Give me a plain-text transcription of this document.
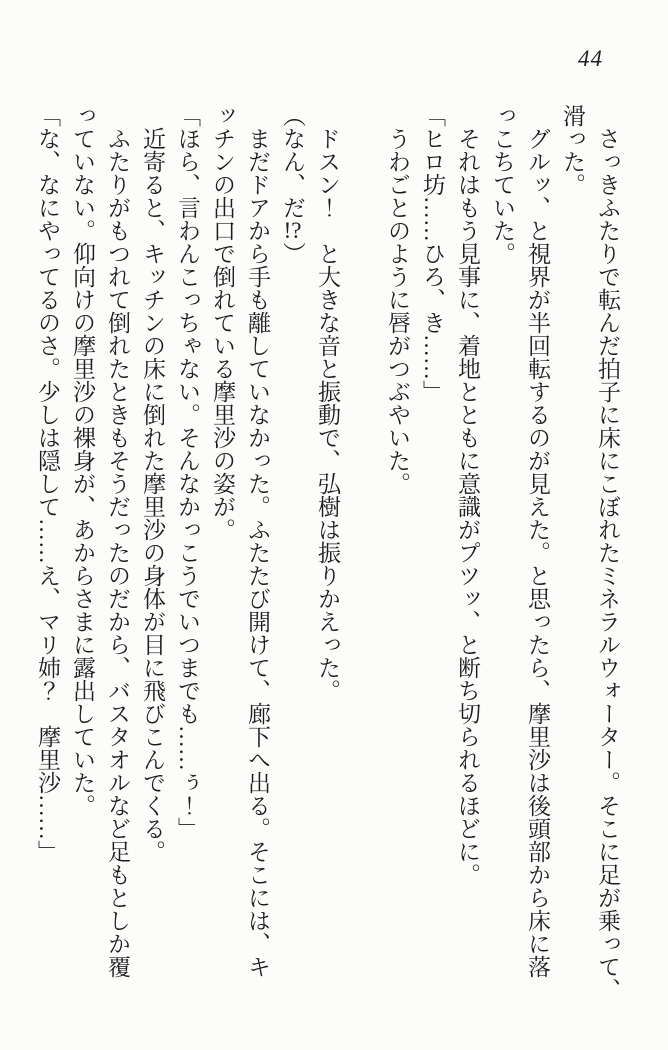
44
　さっきふたりで転んだ拍子に床にこぼれたミネラルウォーター。そこに足が乗って、
滑った。
　グルッ、と視界が半回転するのが見えた。と思ったら、摩里沙は後頭部から床に落
っこちていた。
　それはもう見事に、着地とともに意識がプツッ、と断ち切られるほどに。
「ヒロ坊……ひろ、き……」
　うわごとのように唇がつぶやいた。
　ドスン！　と大きな音と振動で、弘樹は振りかえった。
（なん、だ!?）
　まだドアから手も離していなかった。ふたたび開けて、廊下へ出る。そこには、キ
ッチンの出口で倒れている摩里沙の姿が。
「ほら、言わんこっちゃない。そんなかっこうでいつまでも……ぅ！」
　近寄ると、キッチンの床に倒れた摩里沙の身体が目に飛びこんでくる。
　ふたりがもつれて倒れたときもそうだったのだから、バスタオルなど足もとしか覆
っていない。仰向けの摩里沙の裸身が、あからさまに露出していた。
「な、なにやってるのさ。少しは隠して……え、マリ姉？　摩里沙……」
